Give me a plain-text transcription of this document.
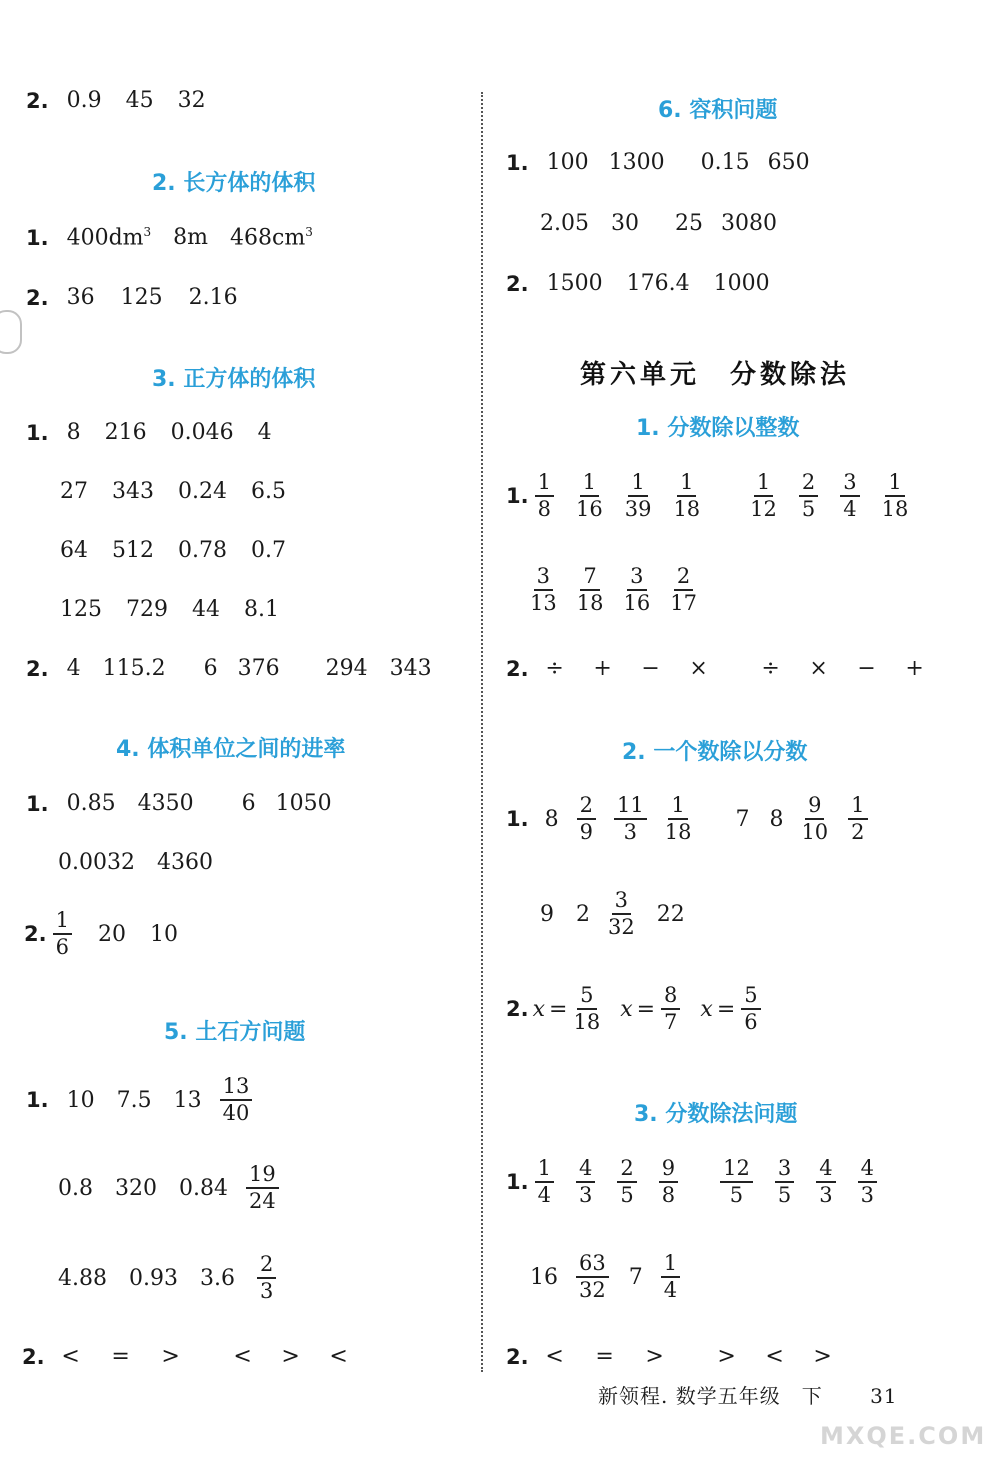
2. 0.9 45 32
2. 长方体的体积
1. $400dm^3$ 8m $468cm^3$
2. 36 125 2.16
3. 正方体的体积
1. 8 216 0.046 4
27 343 0.24 6.5
64 512 0.78 0.7
125 729 44 8.1
2. 4 115.2 6 376 294 343
4. 体积单位之间的进率
1. 0.85 4350 6 1050
0.0032 4360
2. $\frac{1}{6} 20$ 10
5. 土石方问题
1. 10 7.5 $13 \frac{13}{40}$
0.8 320 $0.84 \frac{19}{24}$
4.88 0.93 $3.6 \frac{2}{3}$
2. <	=	>	<	>	<
6. 容积问题
1. 100 1300 0.15 650
2.05 30 25 3080
2. 1500 176.4 1000
第六单元　分数除法
1. 分数除以整数
1. $\frac{1}{8} \frac{1}{16} \frac{1}{39} \frac{1}{18} \frac{1}{12} \frac{2}{5} \frac{3}{4} \frac{1}{18}$
$\frac{3}{13} \frac{7}{18} \frac{3}{16} \frac{2}{17}$
2. ÷	+	−	×	÷	×	−	+
2. 一个数除以分数
1. $8 \frac{2}{9} \frac{11}{3} \frac{1}{18} 7$ $8 \frac{9}{10} \frac{1}{2}$
9 $2 \frac{3}{32} 22$
2. $x = \frac{5}{18}$ $x = \frac{8}{7}$ $x = \frac{5}{6}$
3. 分数除法问题
1. $\frac{1}{4} \frac{4}{3} \frac{2}{5} \frac{9}{8} \frac{12}{5} \frac{3}{5} \frac{4}{3} \frac{4}{3}$
$16 \frac{63}{32} 7 \frac{1}{4}$
2. <	=	>	>	<	>
新领程. 数学五年级　下 31
MXQE.COM
